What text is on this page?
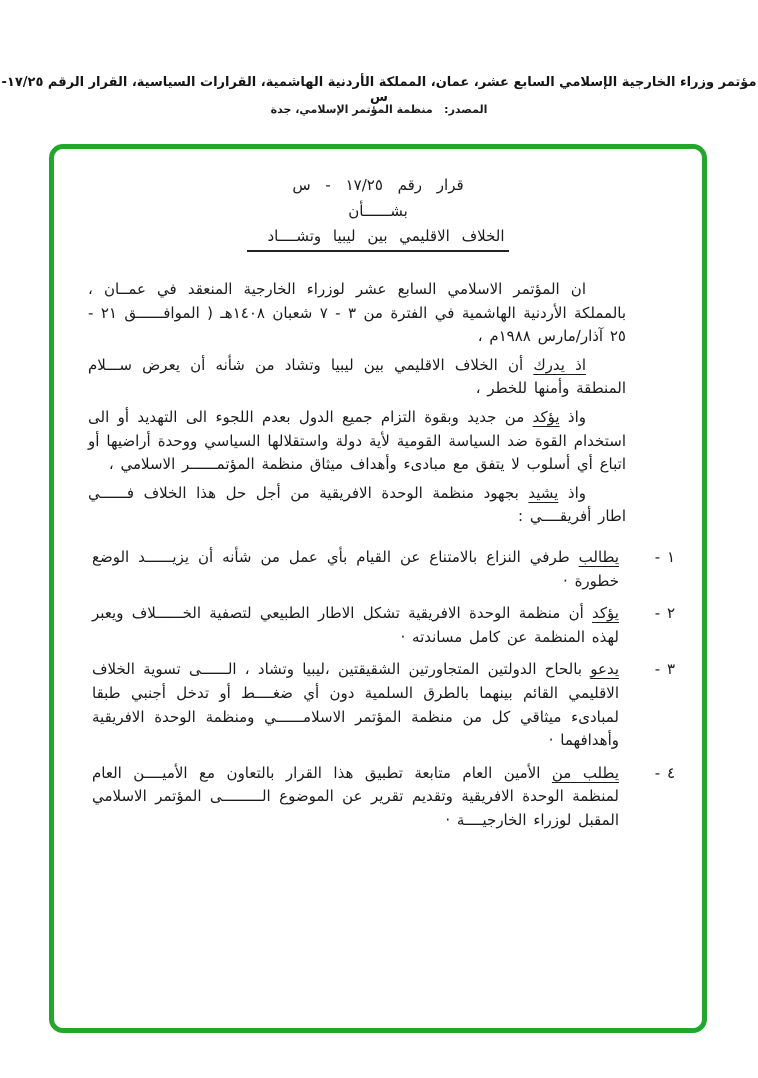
مؤتمر وزراء الخارجية الإسلامي السابع عشر، عمان، المملكة الأردنية الهاشمية، القرارات السياسية، القرار الرقم ١٧/٢٥-س
المصدر:   منظمة المؤتمر الإسلامي، جدة
قرار رقم ١٧/٢٥ - س
بشــــــأن
الخلاف الاقليمي بين ليبيا وتشــــاد

ان المؤتمر الاسلامي السابع عشر لوزراء الخارجية المنعقد في عمــان ، بالمملكة الأردنية الهاشمية في الفترة من ٣ - ٧ شعبان ١٤٠٨هـ ( الموافــــــق ٢١ - ٢٥ آذار/مارس ١٩٨٨م ،

اذ يدرك أن الخلاف الاقليمي بين ليبيا وتشاد من شأنه أن يعرض ســـلام المنطقة وأمنها للخطر ،

واذ يؤكد من جديد وبقوة التزام جميع الدول بعدم اللجوء الى التهديد أو الى استخدام القوة ضد السياسة القومية لأية دولة واستقلالها السياسي ووحدة أراضيها أو اتباع أي أسلوب لا يتفق مع مبادىء وأهداف ميثاق منظمة المؤتمــــــر الاسلامي ،

واذ يشيد بجهود منظمة الوحدة الافريقية من أجل حل هذا الخلاف فــــــي اطار أفريقــــي :

١ -
يطالب طرفي النزاع بالامتناع عن القيام بأي عمل من شأنه أن يزيــــــد الوضع خطورة ·
٢ -
يؤكد أن منظمة الوحدة الافريقية تشكل الاطار الطبيعي لتصفية الخــــــلاف ويعبر لهذه المنظمة عن كامل مساندته ·
٣ -
يدعو بالحاح الدولتين المتجاورتين الشقيقتين ،ليبيا وتشاد ، الــــــى تسوية الخلاف الاقليمي القائم بينهما بالطرق السلمية دون أي ضغــــط أو تدخل أجنبي طبقا لمبادىء ميثاقي كل من منظمة المؤتمر الاسلامــــــي ومنظمة الوحدة الافريقية وأهدافهما ·
٤ -
يطلب من الأمين العام متابعة تطبيق هذا القرار بالتعاون مع الأميــــن العام لمنظمة الوحدة الافريقية وتقديم تقرير عن الموضوع الـــــــــى المؤتمر الاسلامي المقبل لوزراء الخارجيــــة ·
